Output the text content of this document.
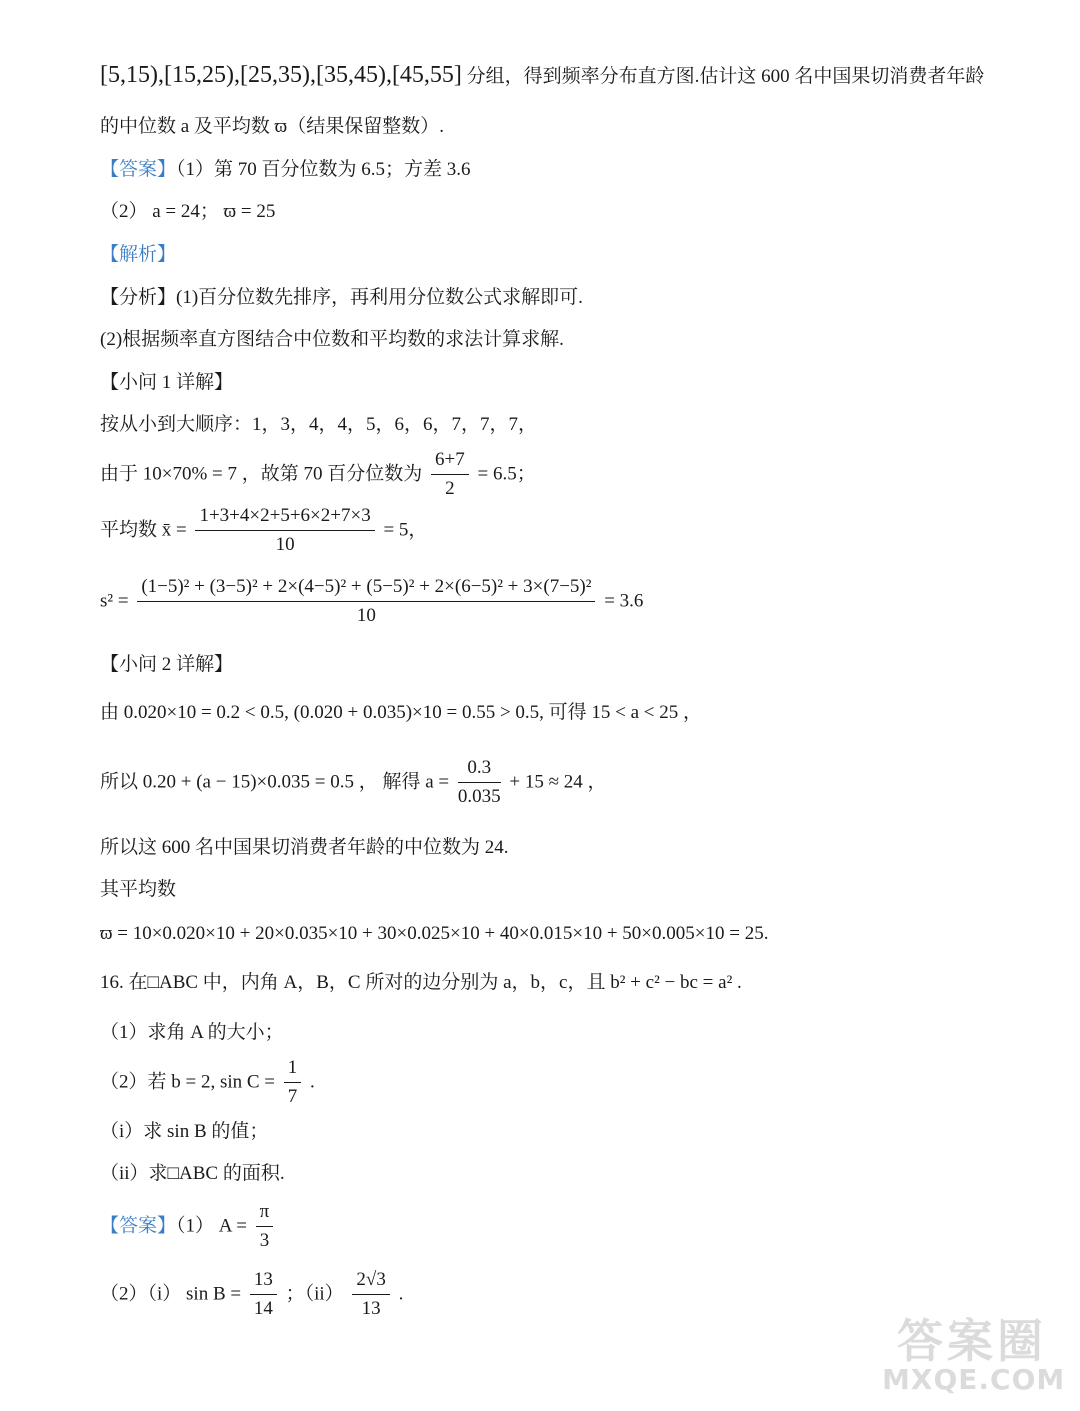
[5,15),[15,25),[25,35),[35,45),[45,55] 分组，得到频率分布直方图.估计这 600 名中国果切消费者年龄
的中位数 a 及平均数 ϖ（结果保留整数）.
【答案】（1）第 70 百分位数为 6.5；方差 3.6
（2） a = 24； ϖ = 25
【解析】
【分析】(1)百分位数先排序，再利用分位数公式求解即可.
(2)根据频率直方图结合中位数和平均数的求法计算求解.
【小问 1 详解】
按从小到大顺序：1，3，4，4，5，6，6，7，7，7，
由于 10×70% = 7 ，故第 70 百分位数为 $\frac{6+7}{2} = 6.5$；
平均数 x̄ = $\frac{1+3+4\times 2+5+6\times 2+7\times 3}{10} = 5$，
$s^2 = \frac{\text{(1−5)² + (3−5)² + 2×(4−5)² + (5−5)² + 2×(6−5)² + 3×(7−5)²}}{10} = 3.6$
【小问 2 详解】
由 0.020×10 = 0.2 < 0.5, (0.020 + 0.035)×10 = 0.55 > 0.5, 可得 15 < a < 25 ，
所以 0.20 + (a − 15)×0.035 = 0.5 ， 解得 $a = \frac{0.3}{0.035} + 15 \approx 24$ ，
所以这 600 名中国果切消费者年龄的中位数为 24.
其平均数
ϖ = 10×0.020×10 + 20×0.035×10 + 30×0.025×10 + 40×0.015×10 + 50×0.005×10 = 25.
16. 在□ABC 中，内角 A，B，C 所对的边分别为 a，b，c，且 b² + c² − bc = a² .
（1）求角 A 的大小；
（2）若 b = 2, $\sin C = \frac{1}{7}$ .
（i）求 sin B 的值；
（ii）求□ABC 的面积.
【答案】（1） $A = \frac{\pi}{3}$
（2）（i） $\sin B = \frac{13}{14}$ ；$(ii) \frac{2√3}{13}$ .
答案圈
MXQE.COM
